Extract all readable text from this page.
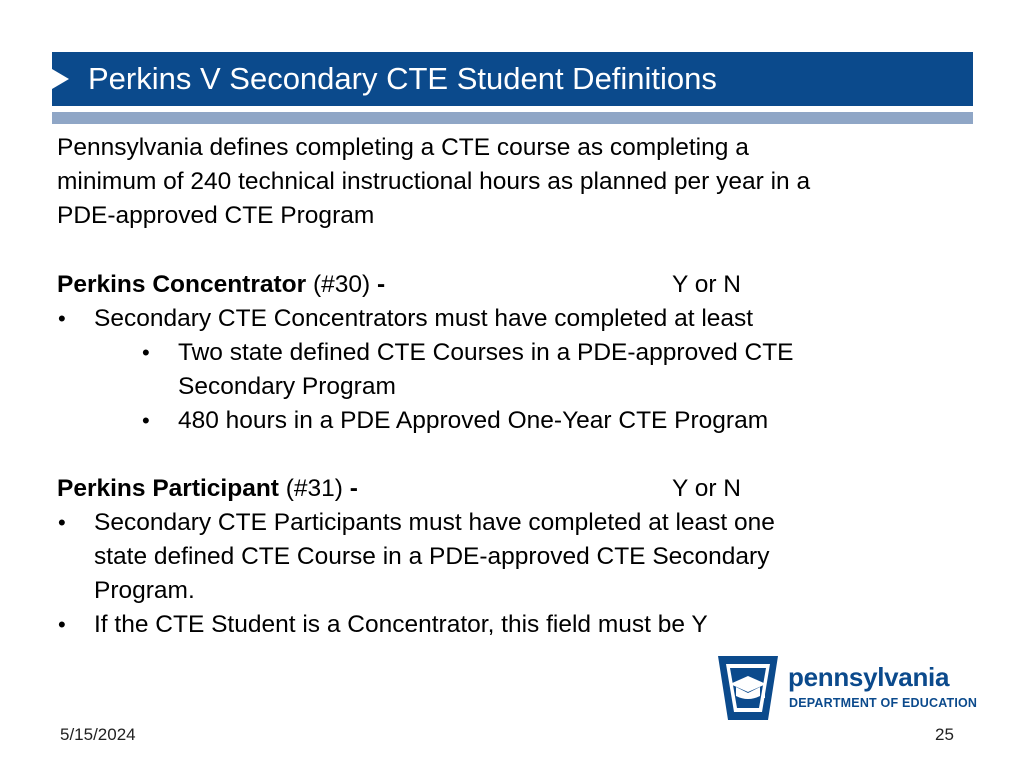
Perkins V Secondary CTE Student Definitions
Pennsylvania defines completing a CTE course as completing a
minimum of 240 technical instructional hours as planned per year in a
PDE-approved CTE Program
Perkins Concentrator (#30) -	Y or N
• Secondary CTE Concentrators must have completed at least
• Two state defined CTE Courses in a PDE-approved CTE
Secondary Program
• 480 hours in a PDE Approved One-Year CTE Program
Perkins Participant (#31) -	Y or N
• Secondary CTE Participants must have completed at least one
state defined CTE Course in a PDE-approved CTE Secondary
Program.
• If the CTE Student is a Concentrator, this field must be Y
pennsylvania
DEPARTMENT OF EDUCATION
5/15/2024	25
